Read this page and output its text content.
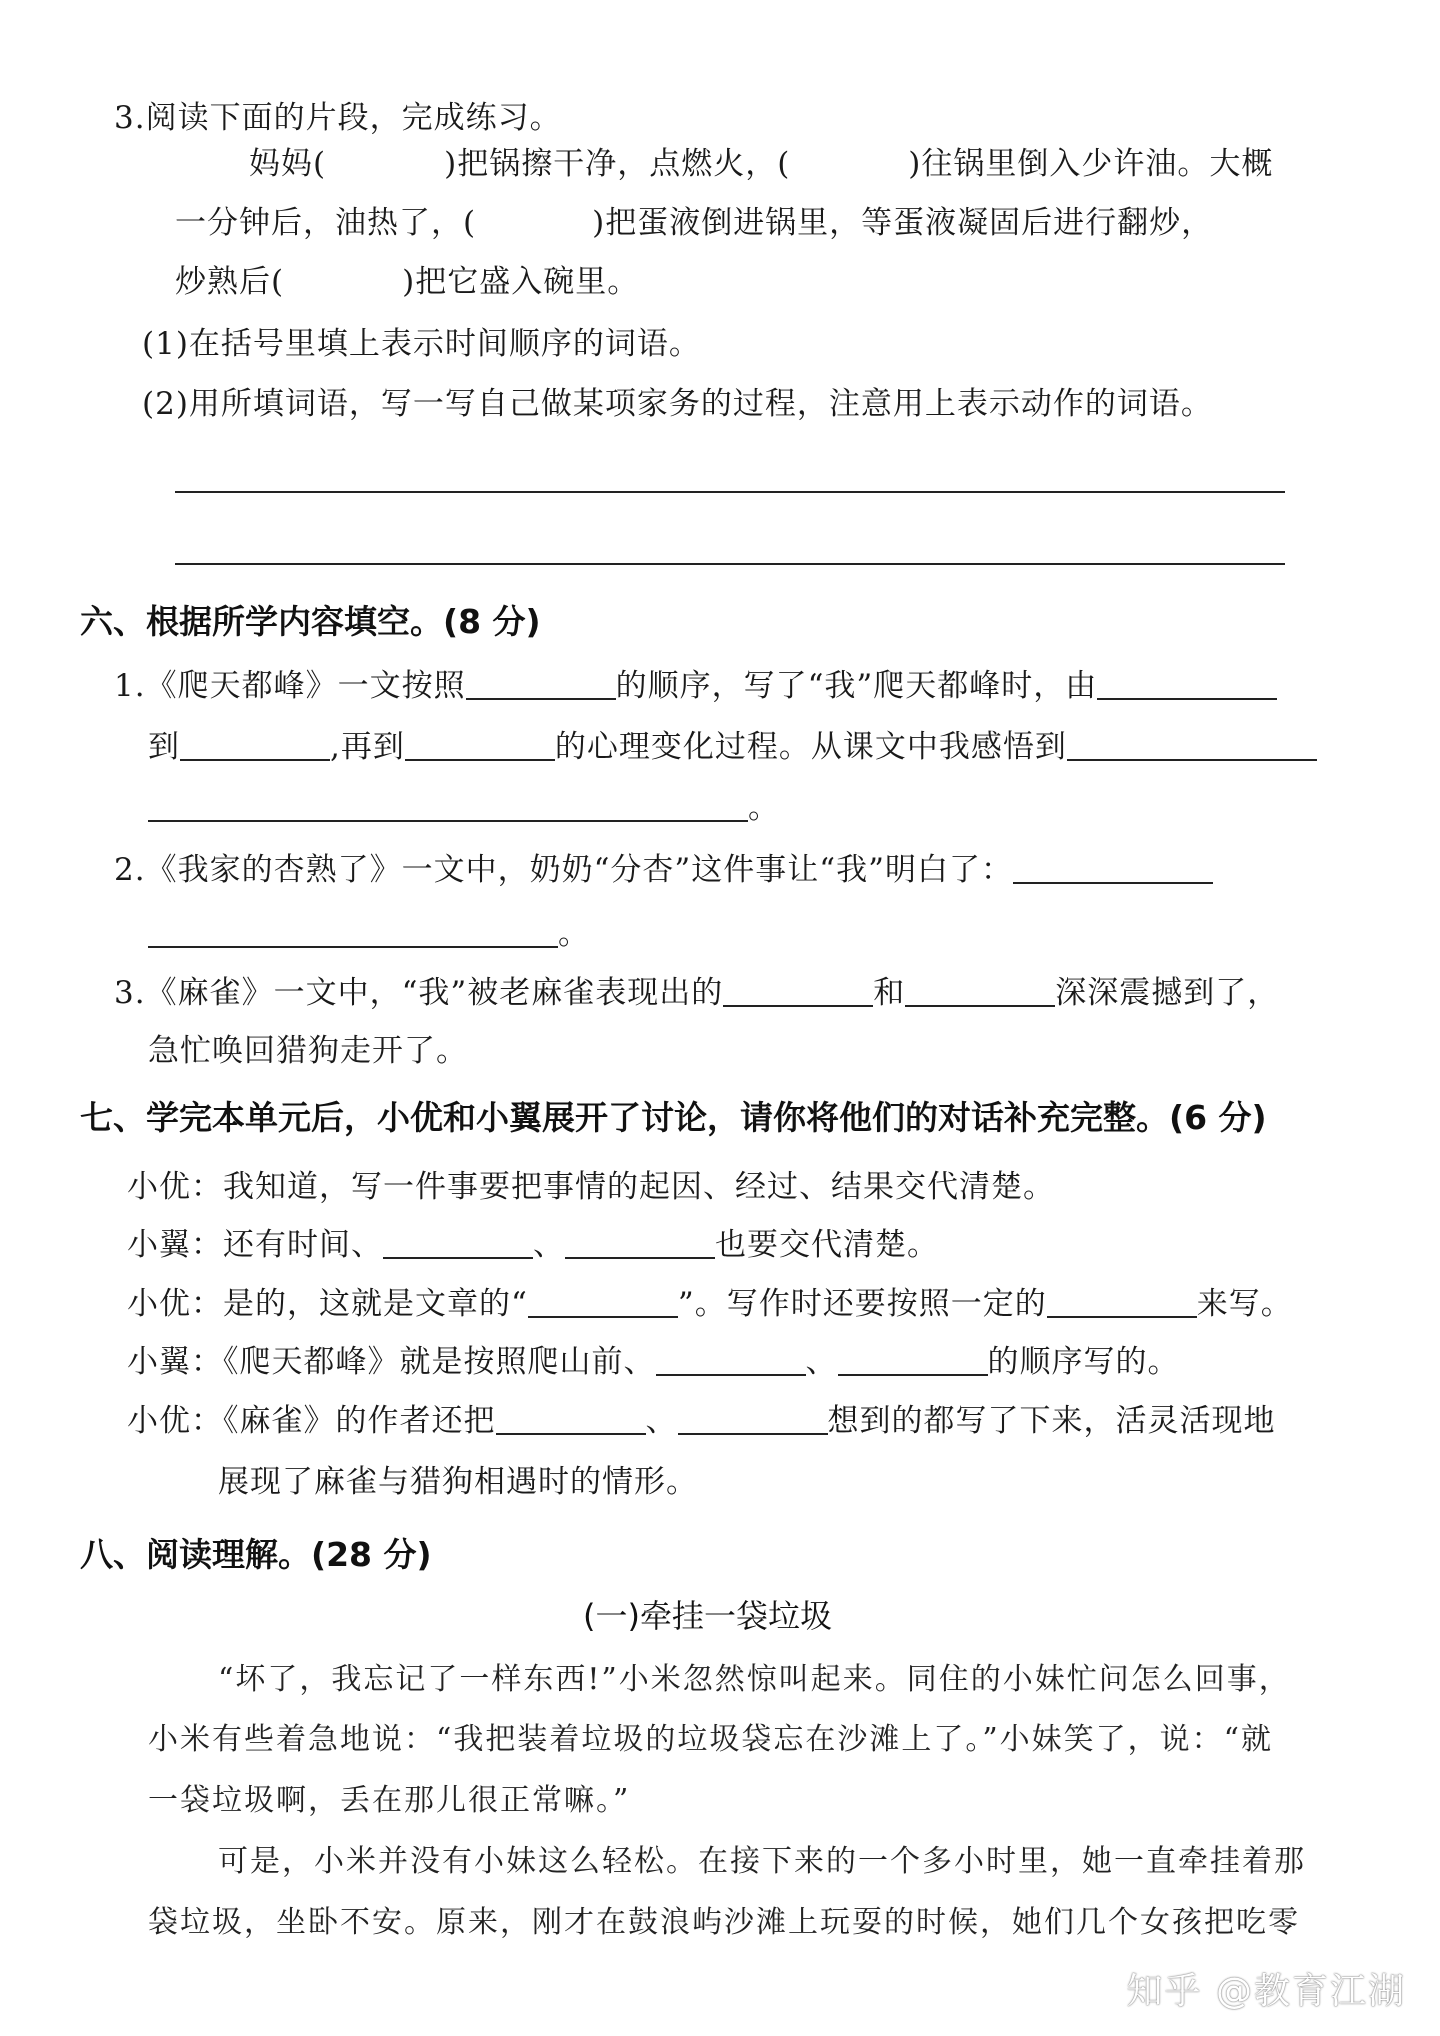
3.阅读下面的片段，完成练习。
妈妈(	)把锅擦干净，点燃火，(	)往锅里倒入少许油。大概
一分钟后，油热了，(	)把蛋液倒进锅里，等蛋液凝固后进行翻炒，
炒熟后(	)把它盛入碗里。
(1)在括号里填上表示时间顺序的词语。
(2)用所填词语，写一写自己做某项家务的过程，注意用上表示动作的词语。
六、根据所学内容填空。(8 分)
1.《爬天都峰》一文按照	的顺序，写了“我”爬天都峰时，由
到	,再到	的心理变化过程。从课文中我感悟到
。
2.《我家的杏熟了》一文中，奶奶“分杏”这件事让“我”明白了：
。
3.《麻雀》一文中，“我”被老麻雀表现出的	和	深深震撼到了，
急忙唤回猎狗走开了。
七、学完本单元后，小优和小翼展开了讨论，请你将他们的对话补充完整。(6 分)
小优：我知道，写一件事要把事情的起因、经过、结果交代清楚。
小翼：还有时间、	、	也要交代清楚。
小优：是的，这就是文章的“	”。写作时还要按照一定的	来写。
小翼：《爬天都峰》就是按照爬山前、	、	的顺序写的。
小优：《麻雀》的作者还把	、	想到的都写了下来，活灵活现地
展现了麻雀与猎狗相遇时的情形。
八、阅读理解。(28 分)
(一)牵挂一袋垃圾
“坏了，我忘记了一样东西!”小米忽然惊叫起来。同住的小妹忙问怎么回事，
小米有些着急地说：“我把装着垃圾的垃圾袋忘在沙滩上了。”小妹笑了，说：“就
一袋垃圾啊，丢在那儿很正常嘛。”
可是，小米并没有小妹这么轻松。在接下来的一个多小时里，她一直牵挂着那
袋垃圾，坐卧不安。原来，刚才在鼓浪屿沙滩上玩耍的时候，她们几个女孩把吃零
知乎 @教育江湖
